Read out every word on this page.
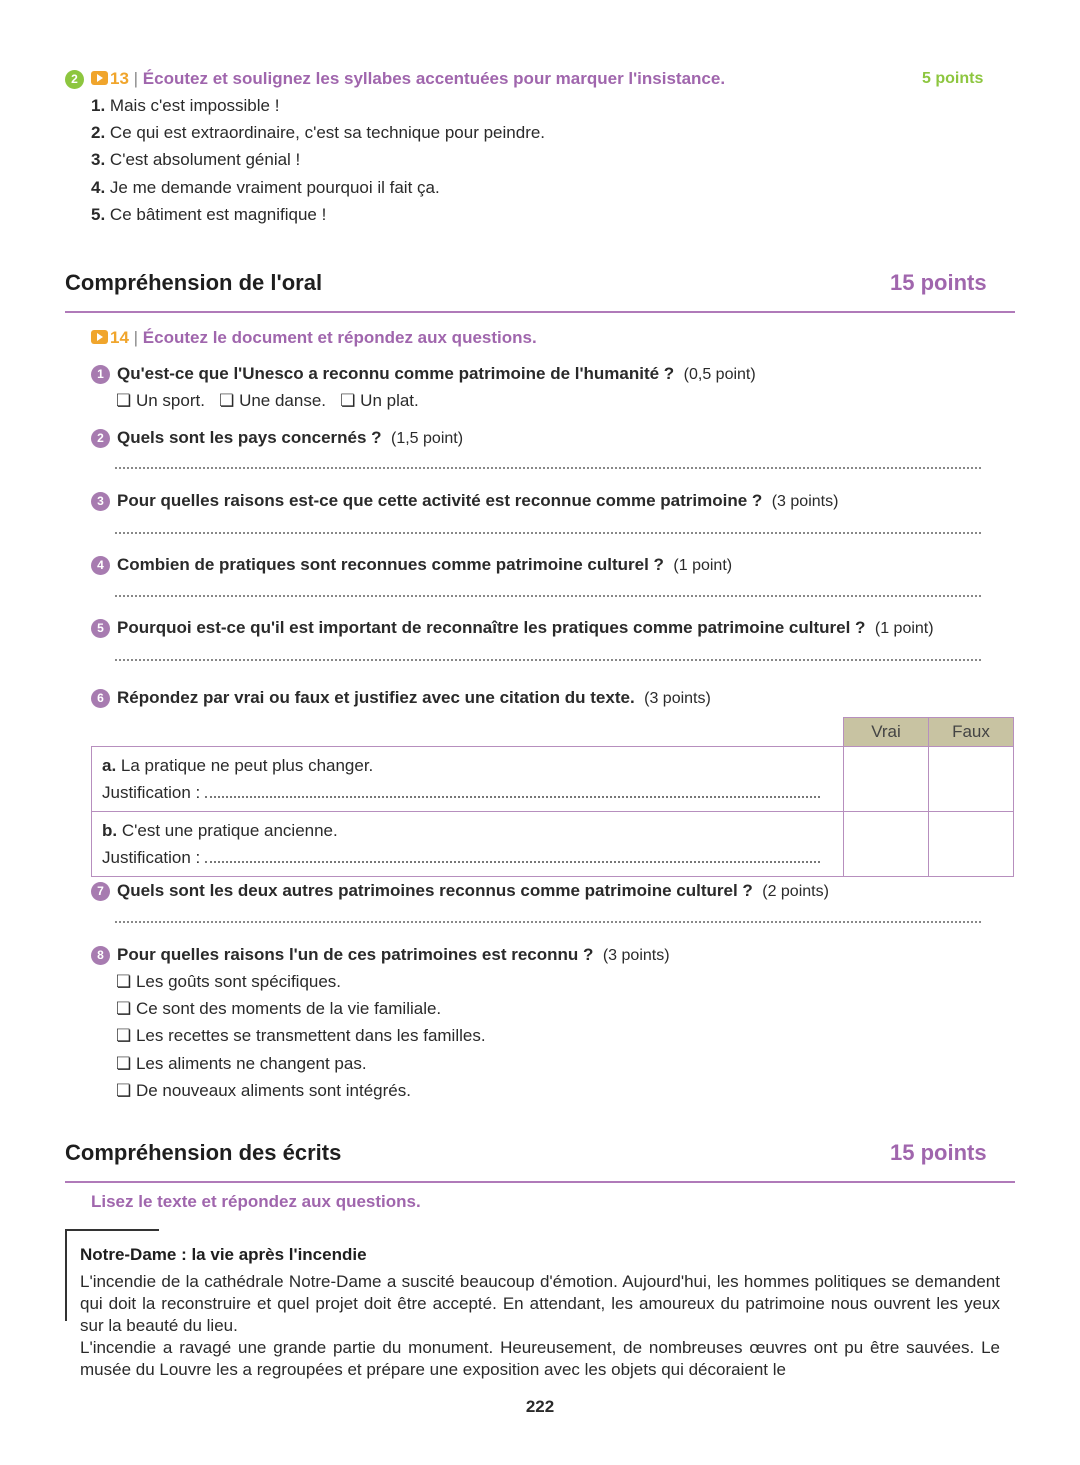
2 13 | Écoutez et soulignez les syllabes accentuées pour marquer l'insistance.	5 points
1. Mais c'est impossible !
2. Ce qui est extraordinaire, c'est sa technique pour peindre.
3. C'est absolument génial !
4. Je me demande vraiment pourquoi il fait ça.
5. Ce bâtiment est magnifique !
Compréhension de l'oral	15 points
14 | Écoutez le document et répondez aux questions.
1 Qu'est-ce que l'Unesco a reconnu comme patrimoine de l'humanité ? (0,5 point)
2 Quels sont les pays concernés ? (1,5 point)
3 Pour quelles raisons est-ce que cette activité est reconnue comme patrimoine ? (3 points)
4 Combien de pratiques sont reconnues comme patrimoine culturel ? (1 point)
5 Pourquoi est-ce qu'il est important de reconnaître les pratiques comme patrimoine culturel ? (1 point)
6 Répondez par vrai ou faux et justifiez avec une citation du texte. (3 points)
7 Quels sont les deux autres patrimoines reconnus comme patrimoine culturel ? (2 points)
8 Pour quelles raisons l'un de ces patrimoines est reconnu ? (3 points)
❏ Un sport. ❏ Une danse. ❏ Un plat.
❏ Les goûts sont spécifiques.
❏ Ce sont des moments de la vie familiale.
❏ Les recettes se transmettent dans les familles.
❏ Les aliments ne changent pas.
❏ De nouveaux aliments sont intégrés.
	Vrai	Faux
a. La pratique ne peut plus changer.
Justification :		
b. C'est une pratique ancienne.
Justification :		
Compréhension des écrits	15 points
Lisez le texte et répondez aux questions.
Notre-Dame : la vie après l'incendie
L'incendie de la cathédrale Notre-Dame a suscité beaucoup d'émotion. Aujourd'hui, les hommes politiques se demandent qui doit la reconstruire et quel projet doit être accepté. En attendant, les amoureux du patrimoine nous ouvrent les yeux sur la beauté du lieu.
L'incendie a ravagé une grande partie du monument. Heureusement, de nombreuses œuvres ont pu être sauvées. Le musée du Louvre les a regroupées et prépare une exposition avec les objets qui décoraient le
222
